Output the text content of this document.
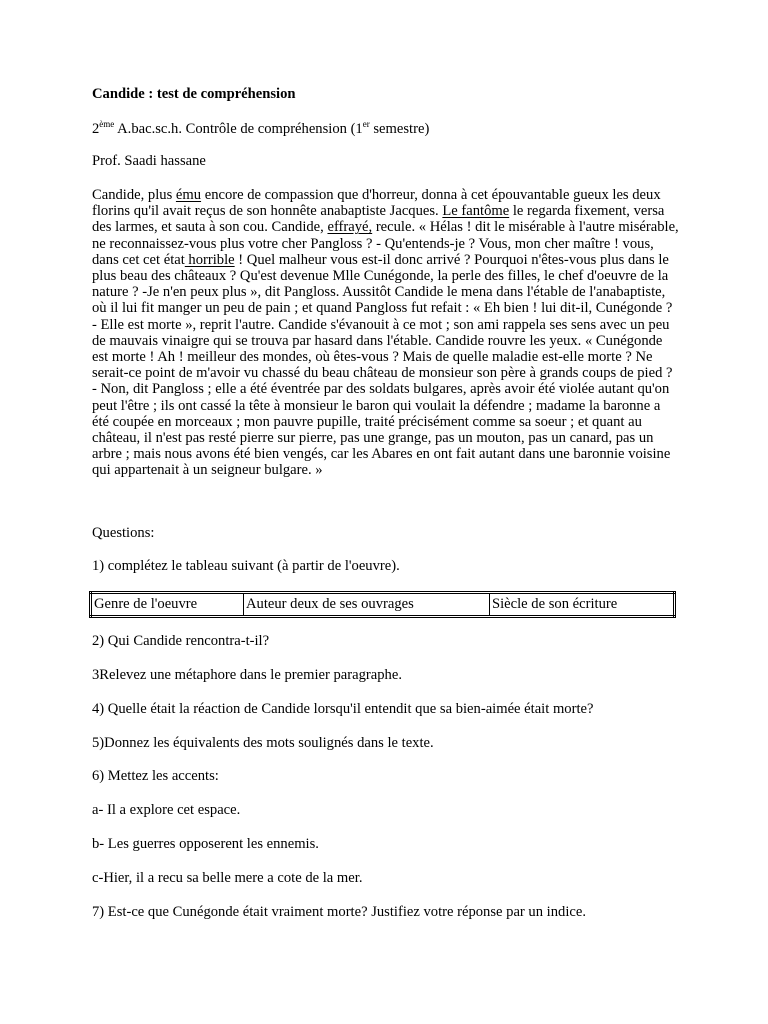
Candide : test de compréhension
2ème A.bac.sc.h. Contrôle de compréhension (1er semestre)
Prof. Saadi hassane
Candide, plus ému encore de compassion que d'horreur, donna à cet épouvantable gueux les deux florins qu'il avait reçus de son honnête anabaptiste Jacques. Le fantôme le regarda fixement, versa des larmes, et sauta à son cou. Candide, effrayé, recule. « Hélas ! dit le misérable à l'autre misérable, ne reconnaissez-vous plus votre cher Pangloss ? - Qu'entends-je ? Vous, mon cher maître ! vous, dans cet cet état horrible ! Quel malheur vous est-il donc arrivé ? Pourquoi n'êtes-vous plus dans le plus beau des châteaux ? Qu'est devenue Mlle Cunégonde, la perle des filles, le chef d'oeuvre de la nature ? -Je n'en peux plus », dit Pangloss. Aussitôt Candide le mena dans l'étable de l'anabaptiste, où il lui fit manger un peu de pain ; et quand Pangloss fut refait : « Eh bien ! lui dit-il, Cunégonde ? - Elle est morte », reprit l'autre. Candide s'évanouit à ce mot ; son ami rappela ses sens avec un peu de mauvais vinaigre qui se trouva par hasard dans l'étable. Candide rouvre les yeux. « Cunégonde est morte ! Ah ! meilleur des mondes, où êtes-vous ? Mais de quelle maladie est-elle morte ? Ne serait-ce point de m'avoir vu chassé du beau château de monsieur son père à grands coups de pied ? - Non, dit Pangloss ; elle a été éventrée par des soldats bulgares, après avoir été violée autant qu'on peut l'être ; ils ont cassé la tête à monsieur le baron qui voulait la défendre ; madame la baronne a été coupée en morceaux ; mon pauvre pupille, traité précisément comme sa soeur ; et quant au château, il n'est pas resté pierre sur pierre, pas une grange, pas un mouton, pas un canard, pas un arbre ; mais nous avons été bien vengés, car les Abares en ont fait autant dans une baronnie voisine qui appartenait à un seigneur bulgare. »
Questions:
1) complétez le tableau suivant (à partir de l'oeuvre).
Genre de l'oeuvre	Auteur deux de ses ouvrages	Siècle de son écriture
2) Qui Candide rencontra-t-il?
3Relevez une métaphore dans le premier paragraphe.
4) Quelle était la réaction de Candide lorsqu'il entendit que sa bien-aimée était morte?
5)Donnez les équivalents des mots soulignés dans le texte.
6) Mettez les accents:
a- Il a explore cet espace.
b- Les guerres opposerent les ennemis.
c-Hier, il a recu sa belle mere a cote de la mer.
7) Est-ce que Cunégonde était vraiment morte? Justifiez votre réponse par un indice.
